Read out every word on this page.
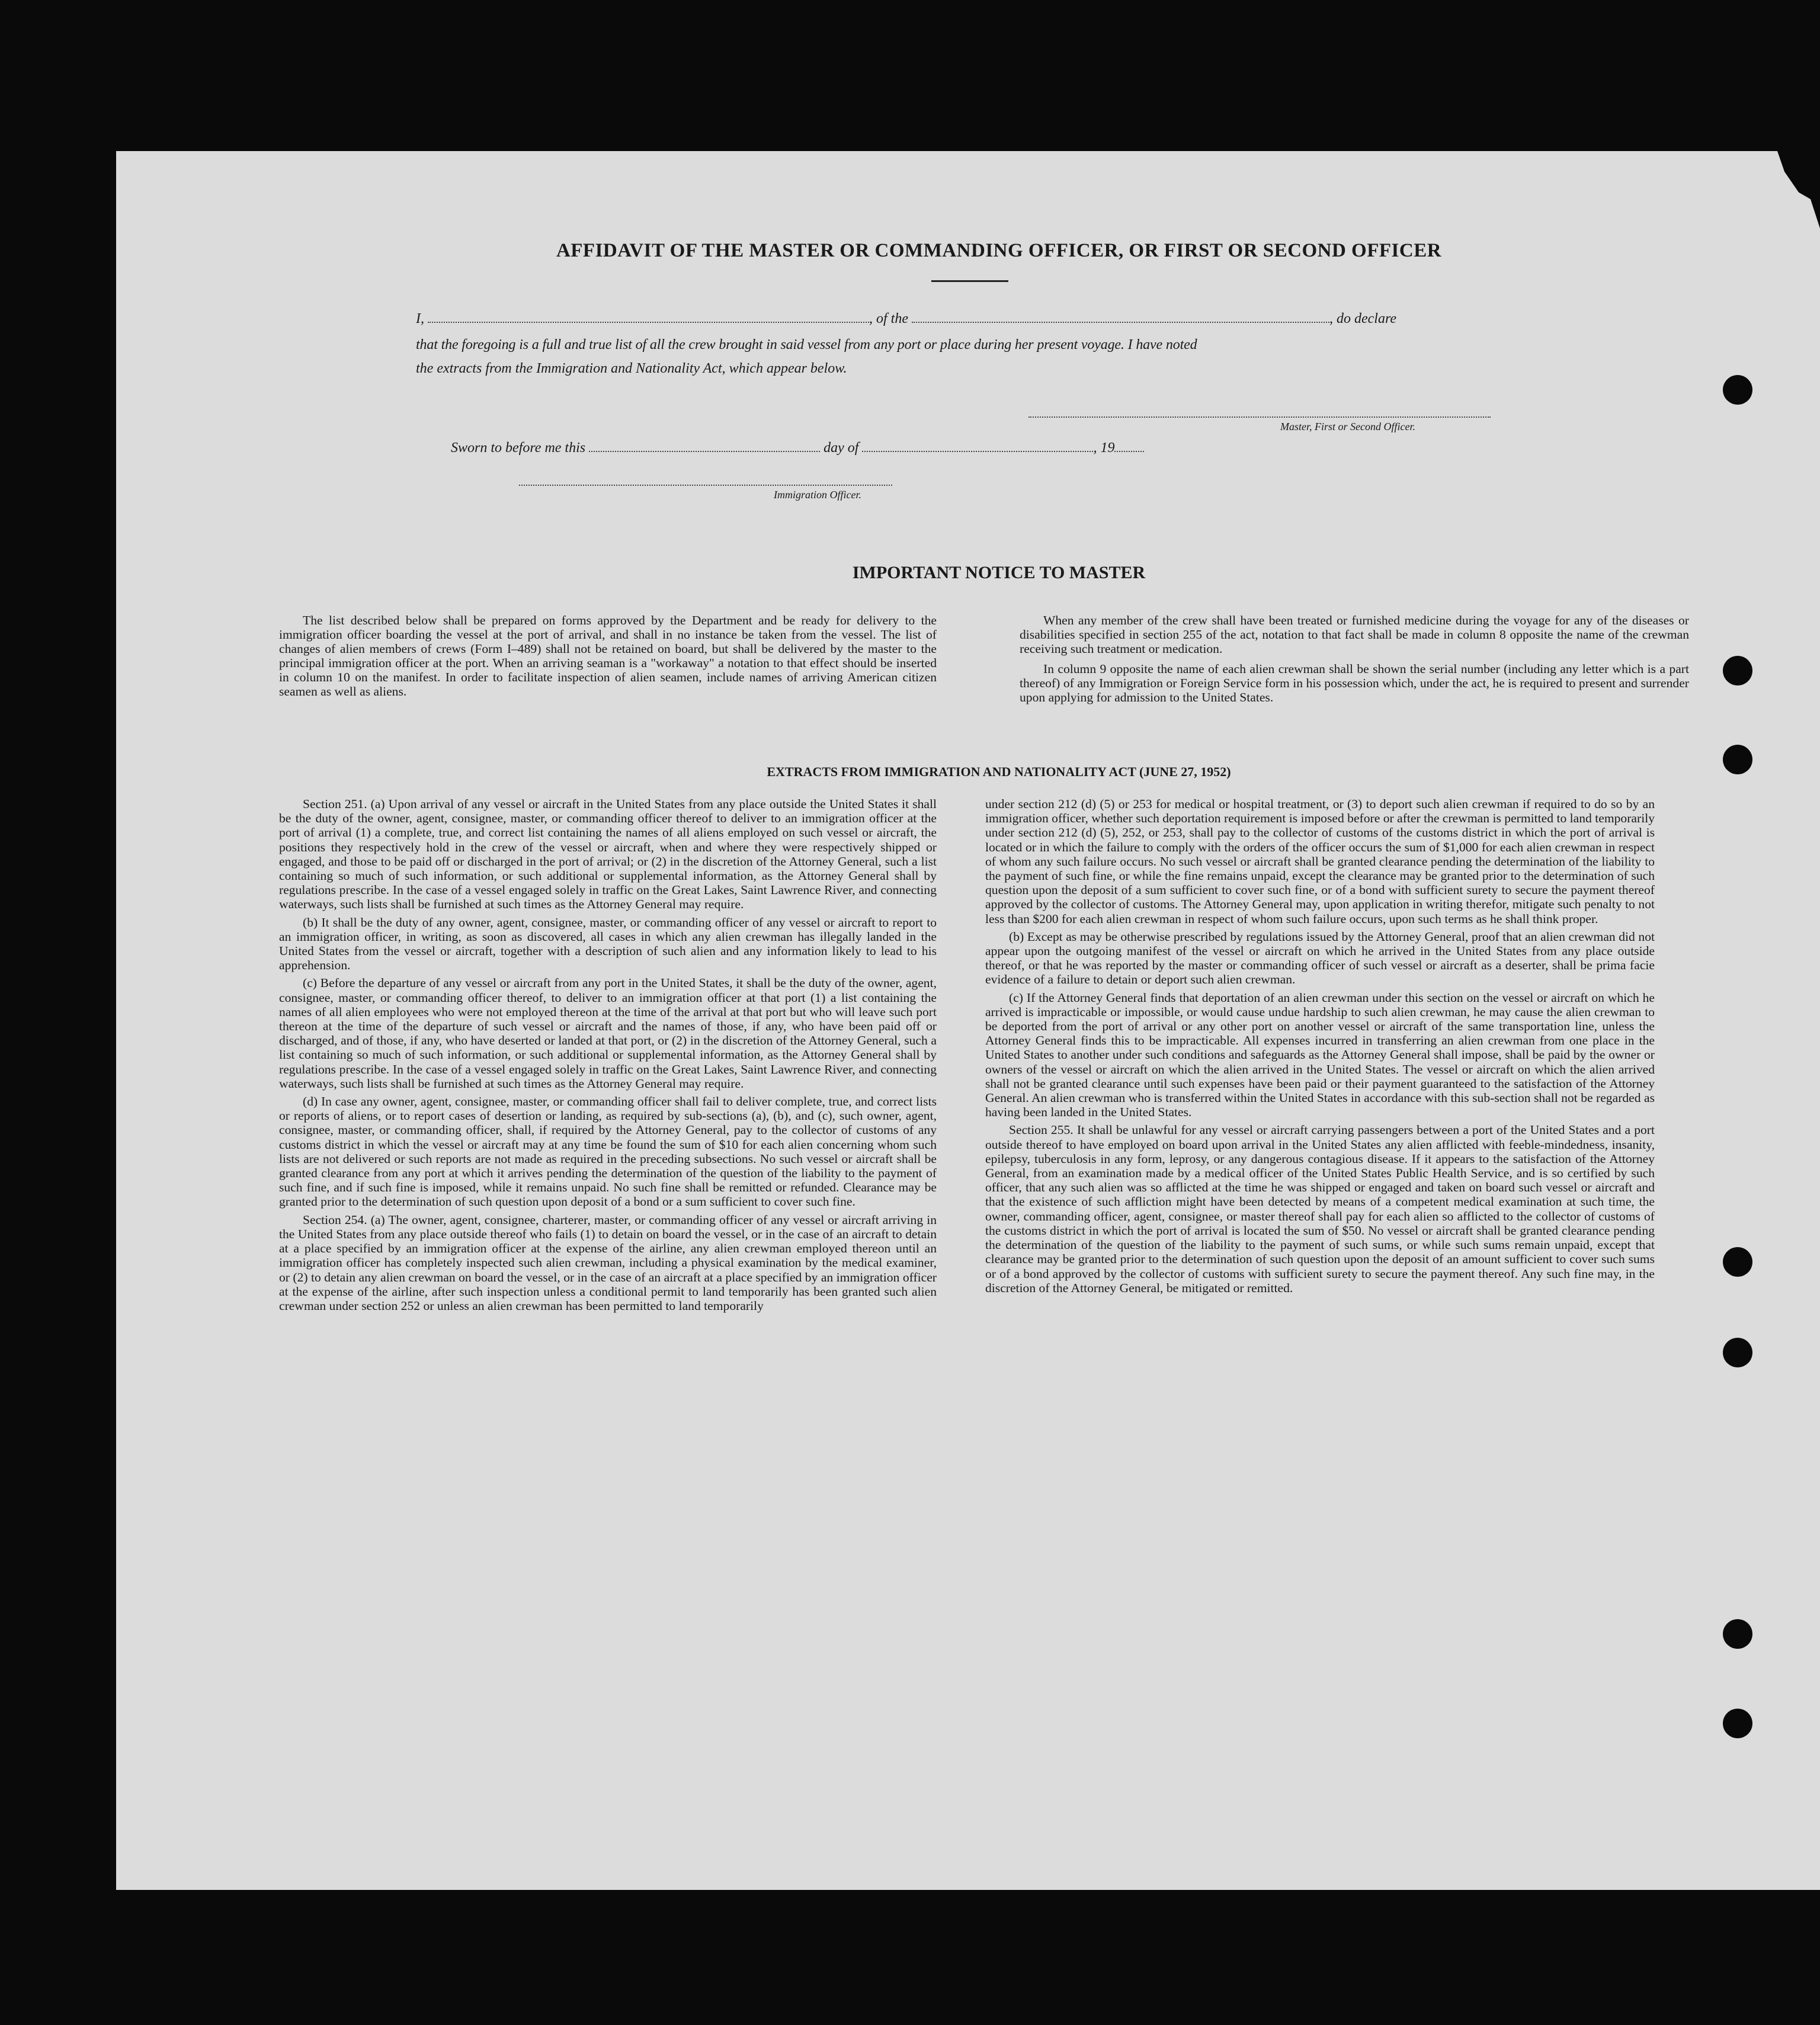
AFFIDAVIT OF THE MASTER OR COMMANDING OFFICER, OR FIRST OR SECOND OFFICER
I,	, of the	, do declare
that the foregoing is a full and true list of all the crew brought in said vessel from any port or place during her present voyage. I have noted
the extracts from the Immigration and Nationality Act, which appear below.
Master, First or Second Officer.
Sworn to before me this	day of	, 19
Immigration Officer.
IMPORTANT NOTICE TO MASTER

The list described below shall be prepared on forms approved by the Department and be ready for delivery to the immigration officer boarding the vessel at the port of arrival, and shall in no instance be taken from the vessel. The list of changes of alien members of crews (Form I–489) shall not be retained on board, but shall be delivered by the master to the principal immigration officer at the port. When an arriving seaman is a "workaway" a notation to that effect should be inserted in column 10 on the manifest. In order to facilitate inspection of alien seamen, include names of arriving American citizen seamen as well as aliens.

When any member of the crew shall have been treated or furnished medicine during the voyage for any of the diseases or disabilities specified in section 255 of the act, notation to that fact shall be made in column 8 opposite the name of the crewman receiving such treatment or medication.

In column 9 opposite the name of each alien crewman shall be shown the serial number (including any letter which is a part thereof) of any Immigration or Foreign Service form in his possession which, under the act, he is required to present and surrender upon applying for admission to the United States.

EXTRACTS FROM IMMIGRATION AND NATIONALITY ACT (JUNE 27, 1952)

Section 251. (a) Upon arrival of any vessel or aircraft in the United States from any place outside the United States it shall be the duty of the owner, agent, consignee, master, or commanding officer thereof to deliver to an immigration officer at the port of arrival (1) a complete, true, and correct list containing the names of all aliens employed on such vessel or aircraft, the positions they respectively hold in the crew of the vessel or aircraft, when and where they were respectively shipped or engaged, and those to be paid off or discharged in the port of arrival; or (2) in the discretion of the Attorney General, such a list containing so much of such information, or such additional or supplemental information, as the Attorney General shall by regulations prescribe. In the case of a vessel engaged solely in traffic on the Great Lakes, Saint Lawrence River, and connecting waterways, such lists shall be furnished at such times as the Attorney General may require.

(b) It shall be the duty of any owner, agent, consignee, master, or commanding officer of any vessel or aircraft to report to an immigration officer, in writing, as soon as discovered, all cases in which any alien crewman has illegally landed in the United States from the vessel or aircraft, together with a description of such alien and any information likely to lead to his apprehension.

(c) Before the departure of any vessel or aircraft from any port in the United States, it shall be the duty of the owner, agent, consignee, master, or commanding officer thereof, to deliver to an immigration officer at that port (1) a list containing the names of all alien employees who were not employed thereon at the time of the arrival at that port but who will leave such port thereon at the time of the departure of such vessel or aircraft and the names of those, if any, who have been paid off or discharged, and of those, if any, who have deserted or landed at that port, or (2) in the discretion of the Attorney General, such a list containing so much of such information, or such additional or supplemental information, as the Attorney General shall by regulations prescribe. In the case of a vessel engaged solely in traffic on the Great Lakes, Saint Lawrence River, and connecting waterways, such lists shall be furnished at such times as the Attorney General may require.

(d) In case any owner, agent, consignee, master, or commanding officer shall fail to deliver complete, true, and correct lists or reports of aliens, or to report cases of desertion or landing, as required by sub-sections (a), (b), and (c), such owner, agent, consignee, master, or commanding officer, shall, if required by the Attorney General, pay to the collector of customs of any customs district in which the vessel or aircraft may at any time be found the sum of $10 for each alien concerning whom such lists are not delivered or such reports are not made as required in the preceding subsections. No such vessel or aircraft shall be granted clearance from any port at which it arrives pending the determination of the question of the liability to the payment of such fine, and if such fine is imposed, while it remains unpaid. No such fine shall be remitted or refunded. Clearance may be granted prior to the determination of such question upon deposit of a bond or a sum sufficient to cover such fine.

Section 254. (a) The owner, agent, consignee, charterer, master, or commanding officer of any vessel or aircraft arriving in the United States from any place outside thereof who fails (1) to detain on board the vessel, or in the case of an aircraft to detain at a place specified by an immigration officer at the expense of the airline, any alien crewman employed thereon until an immigration officer has completely inspected such alien crewman, including a physical examination by the medical examiner, or (2) to detain any alien crewman on board the vessel, or in the case of an aircraft at a place specified by an immigration officer at the expense of the airline, after such inspection unless a conditional permit to land temporarily has been granted such alien crewman under section 252 or unless an alien crewman has been permitted to land temporarily

under section 212 (d) (5) or 253 for medical or hospital treatment, or (3) to deport such alien crewman if required to do so by an immigration officer, whether such deportation requirement is imposed before or after the crewman is permitted to land temporarily under section 212 (d) (5), 252, or 253, shall pay to the collector of customs of the customs district in which the port of arrival is located or in which the failure to comply with the orders of the officer occurs the sum of $1,000 for each alien crewman in respect of whom any such failure occurs. No such vessel or aircraft shall be granted clearance pending the determination of the liability to the payment of such fine, or while the fine remains unpaid, except the clearance may be granted prior to the determination of such question upon the deposit of a sum sufficient to cover such fine, or of a bond with sufficient surety to secure the payment thereof approved by the collector of customs. The Attorney General may, upon application in writing therefor, mitigate such penalty to not less than $200 for each alien crewman in respect of whom such failure occurs, upon such terms as he shall think proper.

(b) Except as may be otherwise prescribed by regulations issued by the Attorney General, proof that an alien crewman did not appear upon the outgoing manifest of the vessel or aircraft on which he arrived in the United States from any place outside thereof, or that he was reported by the master or commanding officer of such vessel or aircraft as a deserter, shall be prima facie evidence of a failure to detain or deport such alien crewman.

(c) If the Attorney General finds that deportation of an alien crewman under this section on the vessel or aircraft on which he arrived is impracticable or impossible, or would cause undue hardship to such alien crewman, he may cause the alien crewman to be deported from the port of arrival or any other port on another vessel or aircraft of the same transportation line, unless the Attorney General finds this to be impracticable. All expenses incurred in transferring an alien crewman from one place in the United States to another under such conditions and safeguards as the Attorney General shall impose, shall be paid by the owner or owners of the vessel or aircraft on which the alien arrived in the United States. The vessel or aircraft on which the alien arrived shall not be granted clearance until such expenses have been paid or their payment guaranteed to the satisfaction of the Attorney General. An alien crewman who is transferred within the United States in accordance with this sub-section shall not be regarded as having been landed in the United States.

Section 255. It shall be unlawful for any vessel or aircraft carrying passengers between a port of the United States and a port outside thereof to have employed on board upon arrival in the United States any alien afflicted with feeble-mindedness, insanity, epilepsy, tuberculosis in any form, leprosy, or any dangerous contagious disease. If it appears to the satisfaction of the Attorney General, from an examination made by a medical officer of the United States Public Health Service, and is so certified by such officer, that any such alien was so afflicted at the time he was shipped or engaged and taken on board such vessel or aircraft and that the existence of such affliction might have been detected by means of a competent medical examination at such time, the owner, commanding officer, agent, consignee, or master thereof shall pay for each alien so afflicted to the collector of customs of the customs district in which the port of arrival is located the sum of $50. No vessel or aircraft shall be granted clearance pending the determination of the question of the liability to the payment of such sums, or while such sums remain unpaid, except that clearance may be granted prior to the determination of such question upon the deposit of an amount sufficient to cover such sums or of a bond approved by the collector of customs with sufficient surety to secure the payment thereof. Any such fine may, in the discretion of the Attorney General, be mitigated or remitted.
